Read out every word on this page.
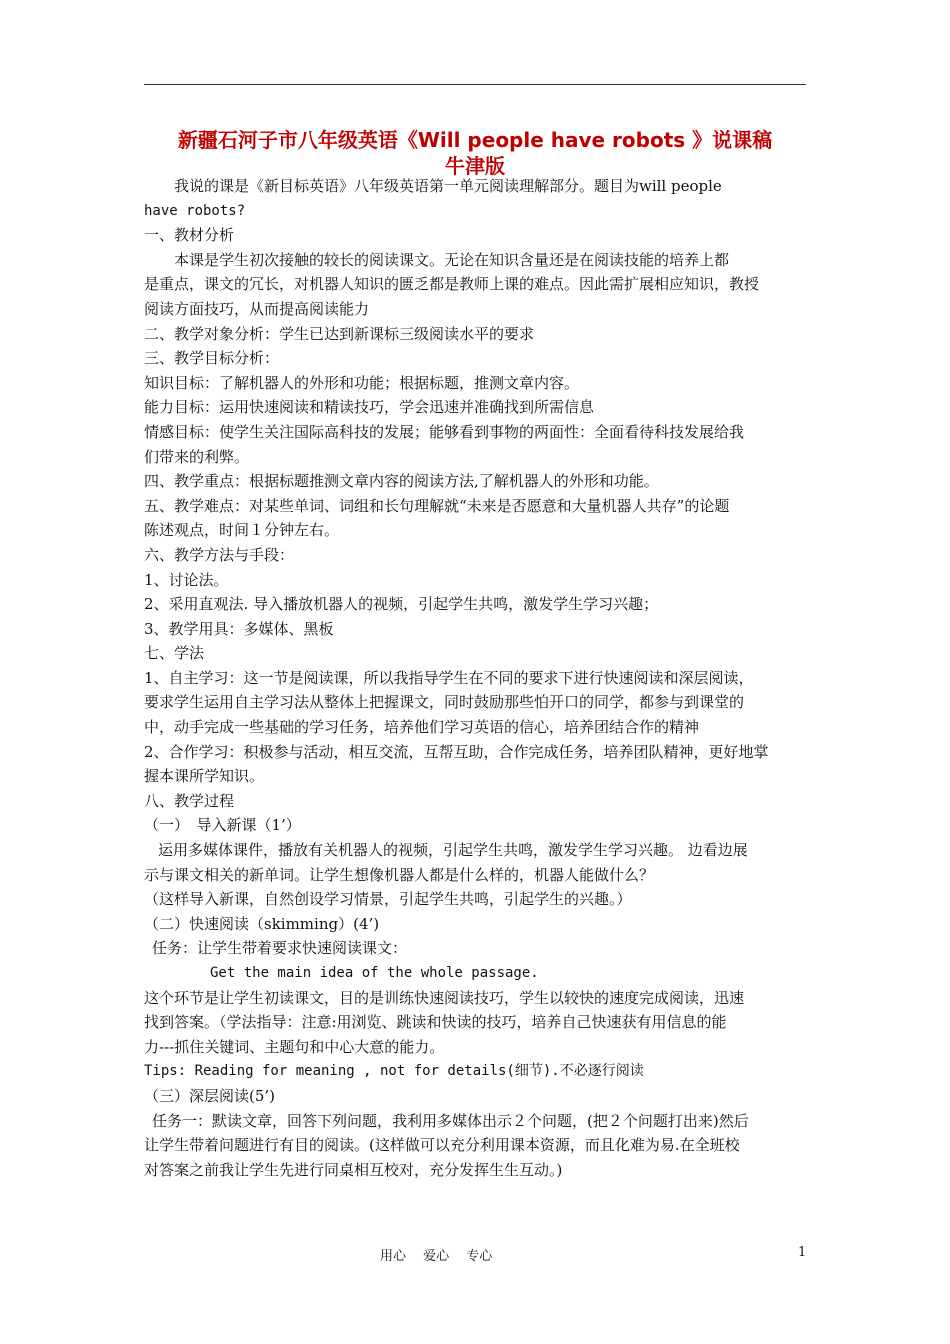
新疆石河子市八年级英语《Will people have robots 》说课稿
牛津版
我说的课是《新目标英语》八年级英语第一单元阅读理解部分。题目为will people
have robots?
一、教材分析
本课是学生初次接触的较长的阅读课文。无论在知识含量还是在阅读技能的培养上都
是重点，课文的冗长，对机器人知识的匮乏都是教师上课的难点。因此需扩展相应知识，教授
阅读方面技巧，从而提高阅读能力
二、教学对象分析：学生已达到新课标三级阅读水平的要求
三、教学目标分析：
知识目标：了解机器人的外形和功能；根据标题，推测文章内容。
能力目标：运用快速阅读和精读技巧，学会迅速并准确找到所需信息
情感目标：使学生关注国际高科技的发展；能够看到事物的两面性：全面看待科技发展给我
们带来的利弊。
四、教学重点：根据标题推测文章内容的阅读方法,了解机器人的外形和功能。
五、教学难点：对某些单词、词组和长句理解就“未来是否愿意和大量机器人共存”的论题
陈述观点，时间１分钟左右。
六、教学方法与手段：
1、讨论法。
2、采用直观法. 导入播放机器人的视频，引起学生共鸣，激发学生学习兴趣；
3、教学用具：多媒体、黑板
七、学法
1、自主学习：这一节是阅读课，所以我指导学生在不同的要求下进行快速阅读和深层阅读，
要求学生运用自主学习法从整体上把握课文，同时鼓励那些怕开口的同学，都参与到课堂的
中，动手完成一些基础的学习任务，培养他们学习英语的信心，培养团结合作的精神
2、合作学习：积极参与活动，相互交流，互帮互助，合作完成任务，培养团队精神，更好地掌
握本课所学知识。
八、教学过程
（一）　导入新课（1’）
运用多媒体课件，播放有关机器人的视频，引起学生共鸣，激发学生学习兴趣。 边看边展
示与课文相关的新单词。让学生想像机器人都是什么样的，机器人能做什么？
（这样导入新课，自然创设学习情景，引起学生共鸣，引起学生的兴趣。）
（二）快速阅读（skimming）(4’)
任务：让学生带着要求快速阅读课文：
Get the main idea of the whole passage.
这个环节是让学生初读课文，目的是训练快速阅读技巧，学生以较快的速度完成阅读，迅速
找到答案。（学法指导：注意:用浏览、跳读和快读的技巧，培养自己快速获有用信息的能
力---抓住关键词、主题句和中心大意的能力。
Tips: Reading for meaning , not for details(细节).不必逐行阅读
（三）深层阅读(5’)
任务一：默读文章，回答下列问题，我利用多媒体出示２个问题，(把２个问题打出来)然后
让学生带着问题进行有目的阅读。(这样做可以充分利用课本资源，而且化难为易.在全班校
对答案之前我让学生先进行同桌相互校对，充分发挥生生互动。)
用心　 爱心　 专心	1
